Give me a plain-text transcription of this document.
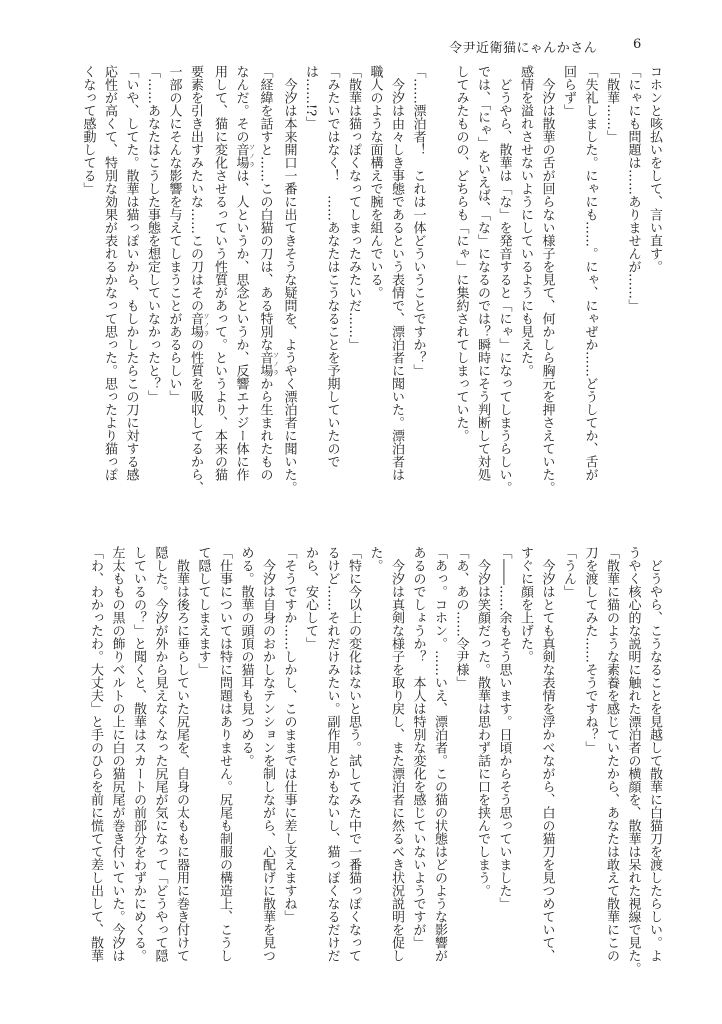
令尹近衛猫にゃんかさん	6
コホンと咳払いをして、言い直す。
「にゃにも問題は……ありませんが……」
「散華……」
「失礼しました。にゃにも……。にゃ、にゃぜか……どうしてか、舌が
回らず」
　今汐は散華の舌が回らない様子を見て、何かしら胸元を押さえていた。
感情を溢れさせないようにしているようにも見えた。
　どうやら、散華は「な」を発音すると「にゃ」になってしまうらしい。
では、「にゃ」をいえば、「な」になるのでは？瞬時にそう判断して対処
してみたものの、どちらも「にゃ」に集約されてしまっていた。
「……漂泊者！　これは一体どういうことですか？」
　今汐は由々しき事態であるという表情で、漂泊者に聞いた。漂泊者は
職人のような面構えで腕を組んでいる。
「散華は猫っぽくなってしまったみたいだ……」
「みたいではなく！　……あなたはこうなることを予期していたので
は……!?」
　今汐は本来開口一番に出てきそうな疑問を、ようやく漂泊者に聞いた。
「経緯を話すと……この白猫の刀は、ある特別な音場 ソノラから生まれたもの
なんだ。その音場 ソノラは、人というか、思念というか、反響エナジー体に作
用して、猫に変化させるっていう性質があって。というより、本来の猫
要素を引き出すみたいな……この刀はその音場 ソノラの性質を吸収してるから、
一部の人にそんな影響を与えてしまうことがあるらしい」
「……あなたはこうした事態を想定していなかったと？」
「いや、してた。散華は猫っぽいから、もしかしたらこの刀に対する感
応性が高くて、特別な効果が表れるかなって思った。思ったより猫っぽ
くなって感動してる」
　どうやら、こうなることを見越して散華に白猫刀を渡したらしい。よ
うやく核心的な説明に触れた漂泊者の横顔を、散華は呆れた視線で見た。
「散華に猫のような素養を感じていたから、あなたは敢えて散華にこの
刀を渡してみた……そうですね？」
「うん」
　今汐はとても真剣な表情を浮かべながら、白の猫刀を見つめていて、
すぐに顔を上げた。
「――……余もそう思います。日頃からそう思っていました」
　今汐は笑顔だった。散華は思わず話に口を挟んでしまう。
「あ、あの……令尹様」
「あっ。コホン。……いえ、漂泊者。この猫の状態はどのような影響が
あるのでしょうか？　本人は特別な変化を感じていないようですが」
　今汐は真剣な様子を取り戻し、また漂泊者に然るべき状況説明を促し
た。
「特に今以上の変化はないと思う。試してみた中で一番猫っぽくなって
るけど……それだけみたい。副作用とかもないし、猫っぽくなるだけだ
から、安心して」
「そうですか……しかし、このままでは仕事に差し支えますね」
　今汐は自身のおかしなテンションを制しながら、心配げに散華を見つ
める。散華の頭頂の猫耳も見つめる。
「仕事については特に問題はありません。尻尾も制服の構造上、こうし
て隠してしまえます」
　散華は後ろに垂らしていた尻尾を、自身の太ももに器用に巻き付けて
隠した。今汐が外から見えなくなった尻尾が気になって「どうやって隠
しているの？」と聞くと、散華はスカートの前部分をわずかにめくる。
左太ももの黒の飾りベルトの上に白の猫尻尾が巻き付いていた。今汐は
「わ、わかったわ。大丈夫」と手のひらを前に慌てて差し出して、散華
